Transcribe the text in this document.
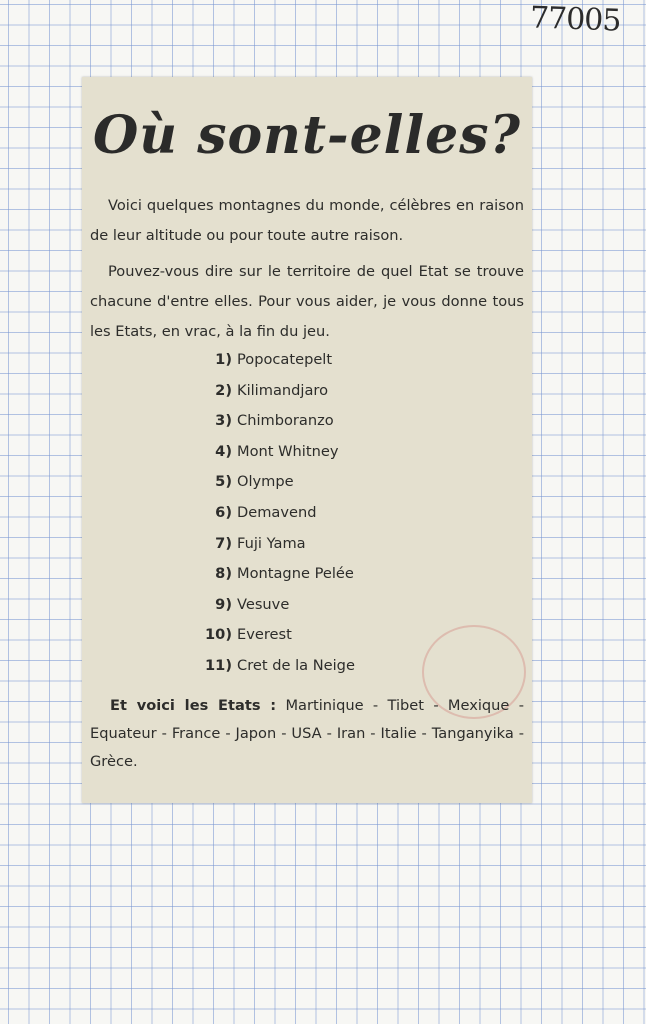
77005
Où sont-elles?

Voici quelques montagnes du monde, célèbres en raison de leur altitude ou pour toute autre raison.

Pouvez-vous dire sur le territoire de quel Etat se trouve chacune d'entre elles. Pour vous aider, je vous donne tous les Etats, en vrac, à la fin du jeu.

1) Popocatepelt
2) Kilimandjaro
3) Chimboranzo
4) Mont Whitney
5) Olympe
6) Demavend
7) Fuji Yama
8) Montagne Pelée
9) Vesuve
10) Everest
11) Cret de la Neige

Et voici les Etats : Martinique - Tibet - Mexique - Equateur - France - Japon - USA - Iran - Italie - Tanganyika - Grèce.
